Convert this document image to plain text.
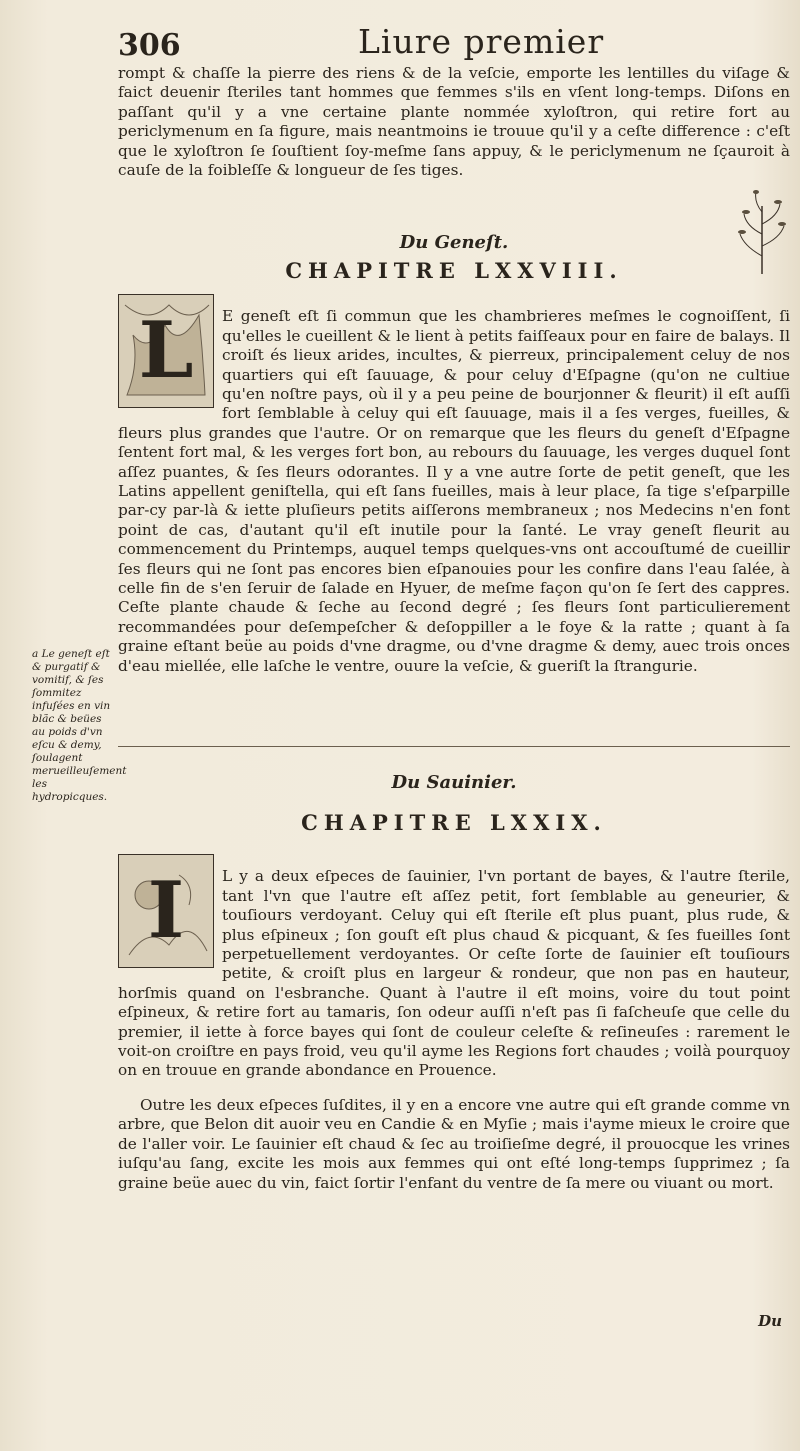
306	Liure premier

rompt & chaſſe la pierre des riens & de la veſcie, emporte les lentilles du viſage & faict deuenir ſteriles tant hommes que femmes s'ils en vſent long-temps. Diſons en paſſant qu'il y a vne certaine plante nommée xyloſtron, qui retire fort au periclymenum en ſa figure, mais neantmoins ie trouue qu'il y a ceſte difference : c'eſt que le xyloſtron ſe ſouſtient ſoy-meſme ſans appuy, & le periclymenum ne ſçauroit à cauſe de la foibleſſe & longueur de ſes tiges.

Du Geneſt.
CHAPITRE LXXVIII.
L	E geneſt eſt ſi commun que les chambrieres meſmes le cognoiſſent, ſi qu'elles le cueillent & le lient à petits faiſſeaux pour en faire de balays. Il croiſt és lieux arides, incultes, & pierreux, principalement celuy de nos quartiers qui eſt ſauuage, & pour celuy d'Eſpagne (qu'on ne cultiue qu'en noſtre pays, où il y a peu peine de bourjonner & fleurit) il eſt auſſi fort ſemblable à celuy qui eſt ſauuage, mais il a ſes verges, fueilles, & fleurs plus grandes que l'autre. Or on remarque que les fleurs du geneſt d'Eſpagne ſentent fort mal, & les verges fort bon, au rebours du ſauuage, les verges duquel ſont aſſez puantes, & ſes fleurs odorantes. Il y a vne autre ſorte de petit geneſt, que les Latins appellent geniſtella, qui eſt ſans fueilles, mais à leur place, ſa tige s'eſparpille par-cy par-là & iette pluſieurs petits aiſſerons membraneux ; nos Medecins n'en font point de cas, d'autant qu'il eſt inutile pour la ſanté. Le vray geneſt fleurit au commencement du Printemps, auquel temps quelques-vns ont accouſtumé de cueillir ſes fleurs qui ne ſont pas encores bien eſpanouies pour les confire dans l'eau ſalée, à celle fin de s'en ſeruir de ſalade en Hyuer, de meſme façon qu'on ſe ſert des cappres. Ceſte plante chaude & ſeche au ſecond degré ; ſes fleurs ſont particulierement recommandées pour deſempeſcher & deſoppiller a le foye & la ratte ; quant à ſa graine eſtant beüe au poids d'vne dragme, ou d'vne dragme & demy, auec trois onces d'eau miellée, elle laſche le ventre, ouure la veſcie, & gueriſt la ſtrangurie.

a Le geneſt eſt & purgatif & vomitif, & ſes ſommitez infuſées en vin blãc & beües au poids d'vn eſcu & demy, ſoulagent merueilleuſement les hydropicques.
Du Sauinier.
CHAPITRE LXXIX.
I	L y a deux eſpeces de ſauinier, l'vn portant de bayes, & l'autre ſterile, tant l'vn que l'autre eſt aſſez petit, fort ſemblable au geneurier, & touſiours verdoyant. Celuy qui eſt ſterile eſt plus puant, plus rude, & plus eſpineux ; ſon gouſt eſt plus chaud & picquant, & ſes fueilles ſont perpetuellement verdoyantes. Or ceſte ſorte de ſauinier eſt touſiours petite, & croiſt plus en largeur & rondeur, que non pas en hauteur, horſmis quand on l'esbranche. Quant à l'autre il eſt moins, voire du tout point eſpineux, & retire fort au tamaris, ſon odeur auſſi n'eſt pas ſi faſcheuſe que celle du premier, il iette à force bayes qui ſont de couleur celeſte & reſineuſes : rarement le voit-on croiſtre en pays froid, veu qu'il ayme les Regions fort chaudes ; voilà pourquoy on en trouue en grande abondance en Prouence.

Outre les deux eſpeces ſuſdites, il y en a encore vne autre qui eſt grande comme vn arbre, que Belon dit auoir veu en Candie & en Myſie ; mais i'ayme mieux le croire que de l'aller voir. Le ſauinier eſt chaud & ſec au troiſieſme degré, il prouocque les vrines iuſqu'au ſang, excite les mois aux femmes qui ont eſté long-temps ſupprimez ; ſa graine beüe auec du vin, faict ſortir l'enfant du ventre de ſa mere ou viuant ou mort.

Du
